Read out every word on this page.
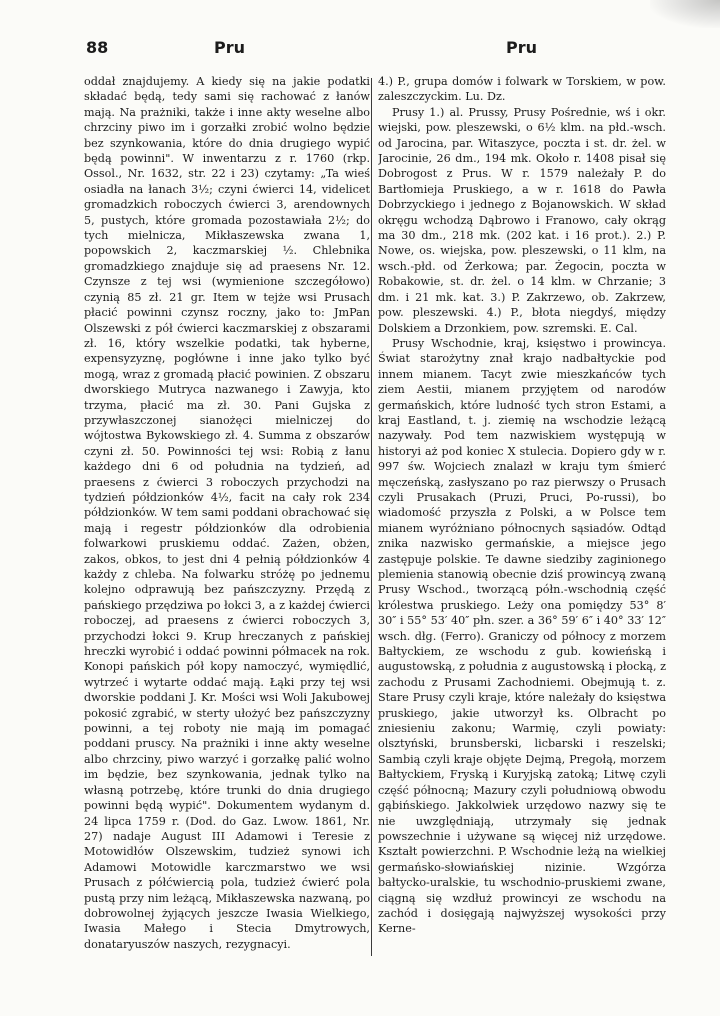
88	Pru	Pru

oddał znajdujemy. A kiedy się na jakie podatki składać będą, tedy sami się rachować z łanów mają. Na prażniki, także i inne akty weselne albo chrzciny piwo im i gorzałki zrobić wolno będzie bez szynkowania, które do dnia drugiego wypić będą powinni". W inwentarzu z r. 1760 (rkp. Ossol., Nr. 1632, str. 22 i 23) czytamy: „Ta wieś osiadła na łanach 3½; czyni ćwierci 14, videlicet gromadzkich roboczych ćwierci 3, arendownych 5, pustych, które gromada pozostawiała 2½; do tych mielnicza, Mikłaszewska zwana 1, popowskich 2, kaczmarskiej ½. Chlebnika gromadzkiego znajduje się ad praesens Nr. 12. Czynsze z tej wsi (wymienione szczegółowo) czynią 85 zł. 21 gr. Item w tejże wsi Prusach płacić powinni czynsz roczny, jako to: JmPan Olszewski z pół ćwierci kaczmarskiej z obszarami zł. 16, który wszelkie podatki, tak hyberne, expensyzyznę, pogłówne i inne jako tylko być mogą, wraz z gromadą płacić powinien. Z obszaru dworskiego Mutryca nazwanego i Zawyja, kto trzyma, płacić ma zł. 30. Pani Gujska z przywłaszczonej sianożęci mielniczej do wójtostwa Bykowskiego zł. 4. Summa z obszarów czyni zł. 50. Powinności tej wsi: Robią z łanu każdego dni 6 od południa na tydzień, ad praesens z ćwierci 3 roboczych przychodzi na tydzień półdzionków 4½, facit na cały rok 234 półdzionków. W tem sami poddani obrachować się mają i regestr półdzionków dla odrobienia folwarkowi pruskiemu oddać. Zażen, obżen, zakos, obkos, to jest dni 4 pełnią półdzionków 4 każdy z chleba. Na folwarku stróżę po jednemu kolejno odprawują bez pańszczyzny. Przędą z pańskiego przędziwa po łokci 3, a z każdej ćwierci roboczej, ad praesens z ćwierci roboczych 3, przychodzi łokci 9. Krup hreczanych z pańskiej hreczki wyrobić i oddać powinni półmacek na rok. Konopi pańskich pół kopy namoczyć, wymiędlić, wytrzeć i wytarte oddać mają. Łąki przy tej wsi dworskie poddani J. Kr. Mości wsi Woli Jakubowej pokosić zgrabić, w sterty ułożyć bez pańszczyzny powinni, a tej roboty nie mają im pomagać poddani pruscy. Na prażniki i inne akty weselne albo chrzciny, piwo warzyć i gorzałkę palić wolno im będzie, bez szynkowania, jednak tylko na własną potrzebę, które trunki do dnia drugiego powinni będą wypić". Dokumentem wydanym d. 24 lipca 1759 r. (Dod. do Gaz. Lwow. 1861, Nr. 27) nadaje August III Adamowi i Teresie z Motowidłów Olszewskim, tudzież synowi ich Adamowi Motowidle karczmarstwo we wsi Prusach z półćwiercią pola, tudzież ćwierć pola pustą przy nim leżącą, Mikłaszewska nazwaną, po dobrowolnej żyjących jeszcze Iwasia Wielkiego, Iwasia Małego i Stecia Dmytrowych, donataryuszów naszych, rezygnacyi.

4.) P., grupa domów i folwark w Torskiem, w pow. zaleszczyckim. Lu. Dz.

Prusy 1.) al. Prussy, Prusy Pośrednie, wś i okr. wiejski, pow. pleszewski, o 6½ klm. na płd.-wsch. od Jarocina, par. Witaszyce, poczta i st. dr. żel. w Jarocinie, 26 dm., 194 mk. Około r. 1408 pisał się Dobrogost z Prus. W r. 1579 należały P. do Bartłomieja Pruskiego, a w r. 1618 do Pawła Dobrzyckiego i jednego z Bojanowskich. W skład okręgu wchodzą Dąbrowo i Franowo, cały okrąg ma 30 dm., 218 mk. (202 kat. i 16 prot.). 2.) P. Nowe, os. wiejska, pow. pleszewski, o 11 klm, na wsch.-płd. od Żerkowa; par. Żegocin, poczta w Robakowie, st. dr. żel. o 14 klm. w Chrzanie; 3 dm. i 21 mk. kat. 3.) P. Zakrzewo, ob. Zakrzew, pow. pleszewski. 4.) P., błota niegdyś, między Dolskiem a Drzonkiem, pow. szremski. E. Cal.

Prusy Wschodnie, kraj, księstwo i prowincya. Świat starożytny znał krajo nadbałtyckie pod innem mianem. Tacyt zwie mieszkańców tych ziem Aestii, mianem przyjętem od narodów germańskich, które ludność tych stron Estami, a kraj Eastland, t. j. ziemię na wschodzie leżącą nazywały. Pod tem nazwiskiem występują w historyi aż pod koniec X stulecia. Dopiero gdy w r. 997 św. Wojciech znalazł w kraju tym śmierć męczeńską, zasłyszano po raz pierwszy o Prusach czyli Prusakach (Pruzi, Pruci, Po-russi), bo wiadomość przyszła z Polski, a w Polsce tem mianem wyróżniano północnych sąsiadów. Odtąd znika nazwisko germańskie, a miejsce jego zastępuje polskie. Te dawne siedziby zaginionego plemienia stanowią obecnie dziś prowincyą zwaną Prusy Wschod., tworzącą półn.-wschodnią część królestwa pruskiego. Leży ona pomiędzy 53° 8′ 30″ i 55° 53′ 40″ płn. szer. a 36° 59′ 6″ i 40° 33′ 12″ wsch. dłg. (Ferro). Graniczy od północy z morzem Bałtyckiem, ze wschodu z gub. kowieńską i augustowską, z południa z augustowską i płocką, z zachodu z Prusami Zachodniemi. Obejmują t. z. Stare Prusy czyli kraje, które należały do księstwa pruskiego, jakie utworzył ks. Olbracht po zniesieniu zakonu; Warmię, czyli powiaty: olsztyński, brunsberski, licbarski i reszelski; Sambią czyli kraje objęte Dejmą, Pregołą, morzem Bałtyckiem, Fryską i Kuryjską zatoką; Litwę czyli część północną; Mazury czyli południową obwodu gąbińskiego. Jakkolwiek urzędowo nazwy się te nie uwzględniają, utrzymały się jednak powszechnie i używane są więcej niż urzędowe. Kształt powierzchni. P. Wschodnie leżą na wielkiej germańsko-słowiańskiej nizinie. Wzgórza bałtycko-uralskie, tu wschodnio-pruskiemi zwane, ciągną się wzdłuż prowincyi ze wschodu na zachód i dosięgają najwyższej wysokości przy Kerne-
